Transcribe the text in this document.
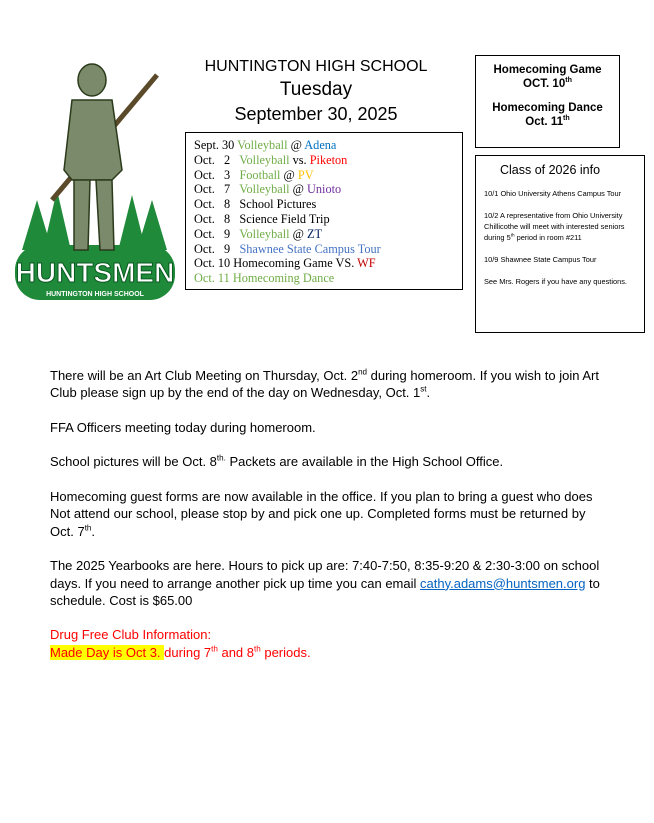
HUNTSMEN
HUNTINGTON HIGH SCHOOL
HUNTINGTON HIGH SCHOOL
Tuesday
September 30, 2025
Sept. 30 Volleyball @ Adena
Oct.   2   Volleyball vs. Piketon
Oct.   3   Football @ PV
Oct.   7   Volleyball @ Unioto
Oct.   8   School Pictures
Oct.   8   Science Field Trip
Oct.   9   Volleyball @ ZT
Oct.   9   Shawnee State Campus Tour
Oct. 10 Homecoming Game VS. WF
Oct. 11 Homecoming Dance

Homecoming Game
OCT. 10th

Homecoming Dance
Oct. 11th

Class of 2026 info

10/1 Ohio University Athens Campus Tour

10/2 A representative from Ohio University Chillicothe will meet with interested seniors during 5th period in room #211

10/9 Shawnee State Campus Tour

See Mrs. Rogers if you have any questions.

There will be an Art Club Meeting on Thursday, Oct. 2nd during homeroom. If you wish to join Art Club please sign up by the end of the day on Wednesday, Oct. 1st.

FFA Officers meeting today during homeroom.

School pictures will be Oct. $8^{th.}$ Packets are available in the High School Office.

Homecoming guest forms are now available in the office. If you plan to bring a guest who does Not attend our school, please stop by and pick one up. Completed forms must be returned by Oct. 7th.

The 2025 Yearbooks are here. Hours to pick up are: 7:40-7:50, 8:35-9:20 & 2:30-3:00 on school days. If you need to arrange another pick up time you can email cathy.adams@huntsmen.org to schedule. Cost is $65.00

Drug Free Club Information:
Made Day is Oct 3. during 7th and 8th periods.
